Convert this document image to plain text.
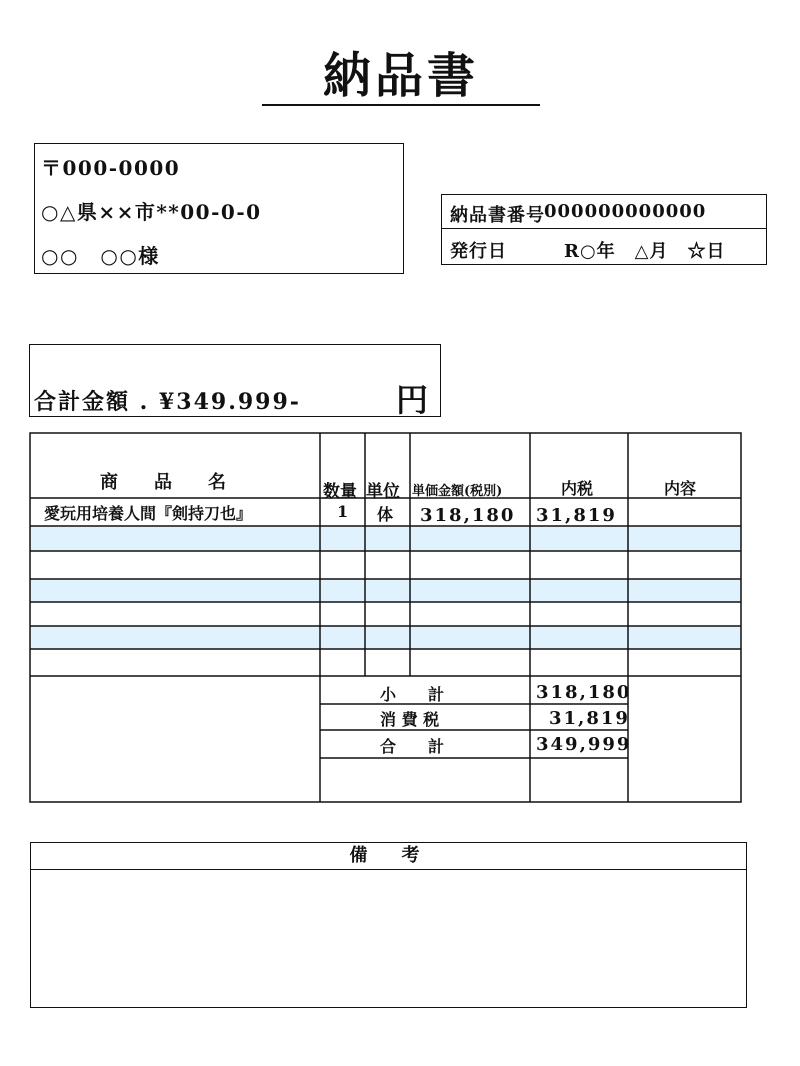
納品書
〒000-0000
○△県××市**00-0-0
○○　○○様
納品書番号 000000000000
発行日	R○年　△月　☆日
合計金額 . ¥349.999-	円
商　　品　　名	数量 単位 単価金額(税別)	内税	内容
愛玩用培養人間『剣持刀也』	1 体 318,180 31,819
小　　計	318,180
消 費 税	31,819
合　　計	349,999
備　考
